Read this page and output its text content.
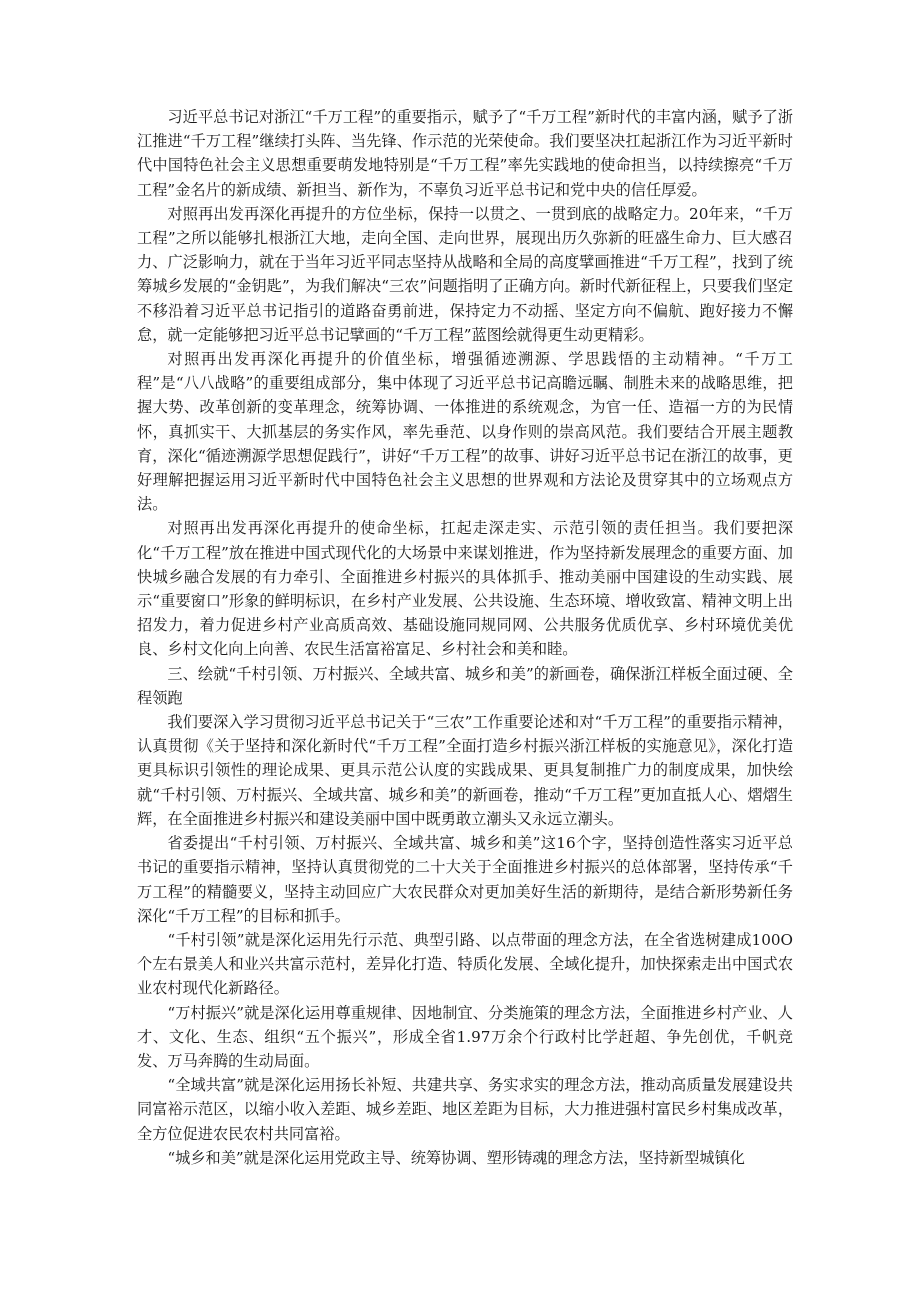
习近平总书记对浙江“千万工程”的重要指示，赋予了“千万工程”新时代的丰富内涵，赋予了浙江推进“千万工程”继续打头阵、当先锋、作示范的光荣使命。我们要坚决扛起浙江作为习近平新时代中国特色社会主义思想重要萌发地特别是“千万工程”率先实践地的使命担当，以持续擦亮“千万工程”金名片的新成绩、新担当、新作为，不辜负习近平总书记和党中央的信任厚爱。

对照再出发再深化再提升的方位坐标，保持一以贯之、一贯到底的战略定力。20年来，“千万工程”之所以能够扎根浙江大地，走向全国、走向世界，展现出历久弥新的旺盛生命力、巨大感召力、广泛影响力，就在于当年习近平同志坚持从战略和全局的高度擘画推进“千万工程”，找到了统筹城乡发展的“金钥匙”，为我们解决“三农”问题指明了正确方向。新时代新征程上，只要我们坚定不移沿着习近平总书记指引的道路奋勇前进，保持定力不动摇、坚定方向不偏航、跑好接力不懈怠，就一定能够把习近平总书记擘画的“千万工程”蓝图绘就得更生动更精彩。

对照再出发再深化再提升的价值坐标，增强循迹溯源、学思践悟的主动精神。“千万工程”是“八八战略”的重要组成部分，集中体现了习近平总书记高瞻远瞩、制胜未来的战略思维，把握大势、改革创新的变革理念，统筹协调、一体推进的系统观念，为官一任、造福一方的为民情怀，真抓实干、大抓基层的务实作风，率先垂范、以身作则的崇高风范。我们要结合开展主题教育，深化“循迹溯源学思想促践行”，讲好“千万工程”的故事、讲好习近平总书记在浙江的故事，更好理解把握运用习近平新时代中国特色社会主义思想的世界观和方法论及贯穿其中的立场观点方法。

对照再出发再深化再提升的使命坐标，扛起走深走实、示范引领的责任担当。我们要把深化“千万工程”放在推进中国式现代化的大场景中来谋划推进，作为坚持新发展理念的重要方面、加快城乡融合发展的有力牵引、全面推进乡村振兴的具体抓手、推动美丽中国建设的生动实践、展示“重要窗口”形象的鲜明标识，在乡村产业发展、公共设施、生态环境、增收致富、精神文明上出招发力，着力促进乡村产业高质高效、基础设施同规同网、公共服务优质优享、乡村环境优美优良、乡村文化向上向善、农民生活富裕富足、乡村社会和美和睦。

三、绘就“千村引领、万村振兴、全域共富、城乡和美”的新画卷，确保浙江样板全面过硬、全程领跑

我们要深入学习贯彻习近平总书记关于“三农”工作重要论述和对“千万工程”的重要指示精神，认真贯彻《关于坚持和深化新时代“千万工程”全面打造乡村振兴浙江样板的实施意见》，深化打造更具标识引领性的理论成果、更具示范公认度的实践成果、更具复制推广力的制度成果，加快绘就“千村引领、万村振兴、全域共富、城乡和美”的新画卷，推动“千万工程”更加直抵人心、熠熠生辉，在全面推进乡村振兴和建设美丽中国中既勇敢立潮头又永远立潮头。

省委提出“千村引领、万村振兴、全域共富、城乡和美”这16个字，坚持创造性落实习近平总书记的重要指示精神，坚持认真贯彻党的二十大关于全面推进乡村振兴的总体部署，坚持传承“千万工程”的精髓要义，坚持主动回应广大农民群众对更加美好生活的新期待，是结合新形势新任务深化“千万工程”的目标和抓手。

“千村引领”就是深化运用先行示范、典型引路、以点带面的理念方法，在全省选树建成100O个左右景美人和业兴共富示范村，差异化打造、特质化发展、全域化提升，加快探索走出中国式农业农村现代化新路径。

“万村振兴”就是深化运用尊重规律、因地制宜、分类施策的理念方法，全面推进乡村产业、人才、文化、生态、组织“五个振兴”，形成全省1.97万余个行政村比学赶超、争先创优，千帆竞发、万马奔腾的生动局面。

“全域共富”就是深化运用扬长补短、共建共享、务实求实的理念方法，推动高质量发展建设共同富裕示范区，以缩小收入差距、城乡差距、地区差距为目标，大力推进强村富民乡村集成改革，全方位促进农民农村共同富裕。

“城乡和美”就是深化运用党政主导、统筹协调、塑形铸魂的理念方法，坚持新型城镇化
